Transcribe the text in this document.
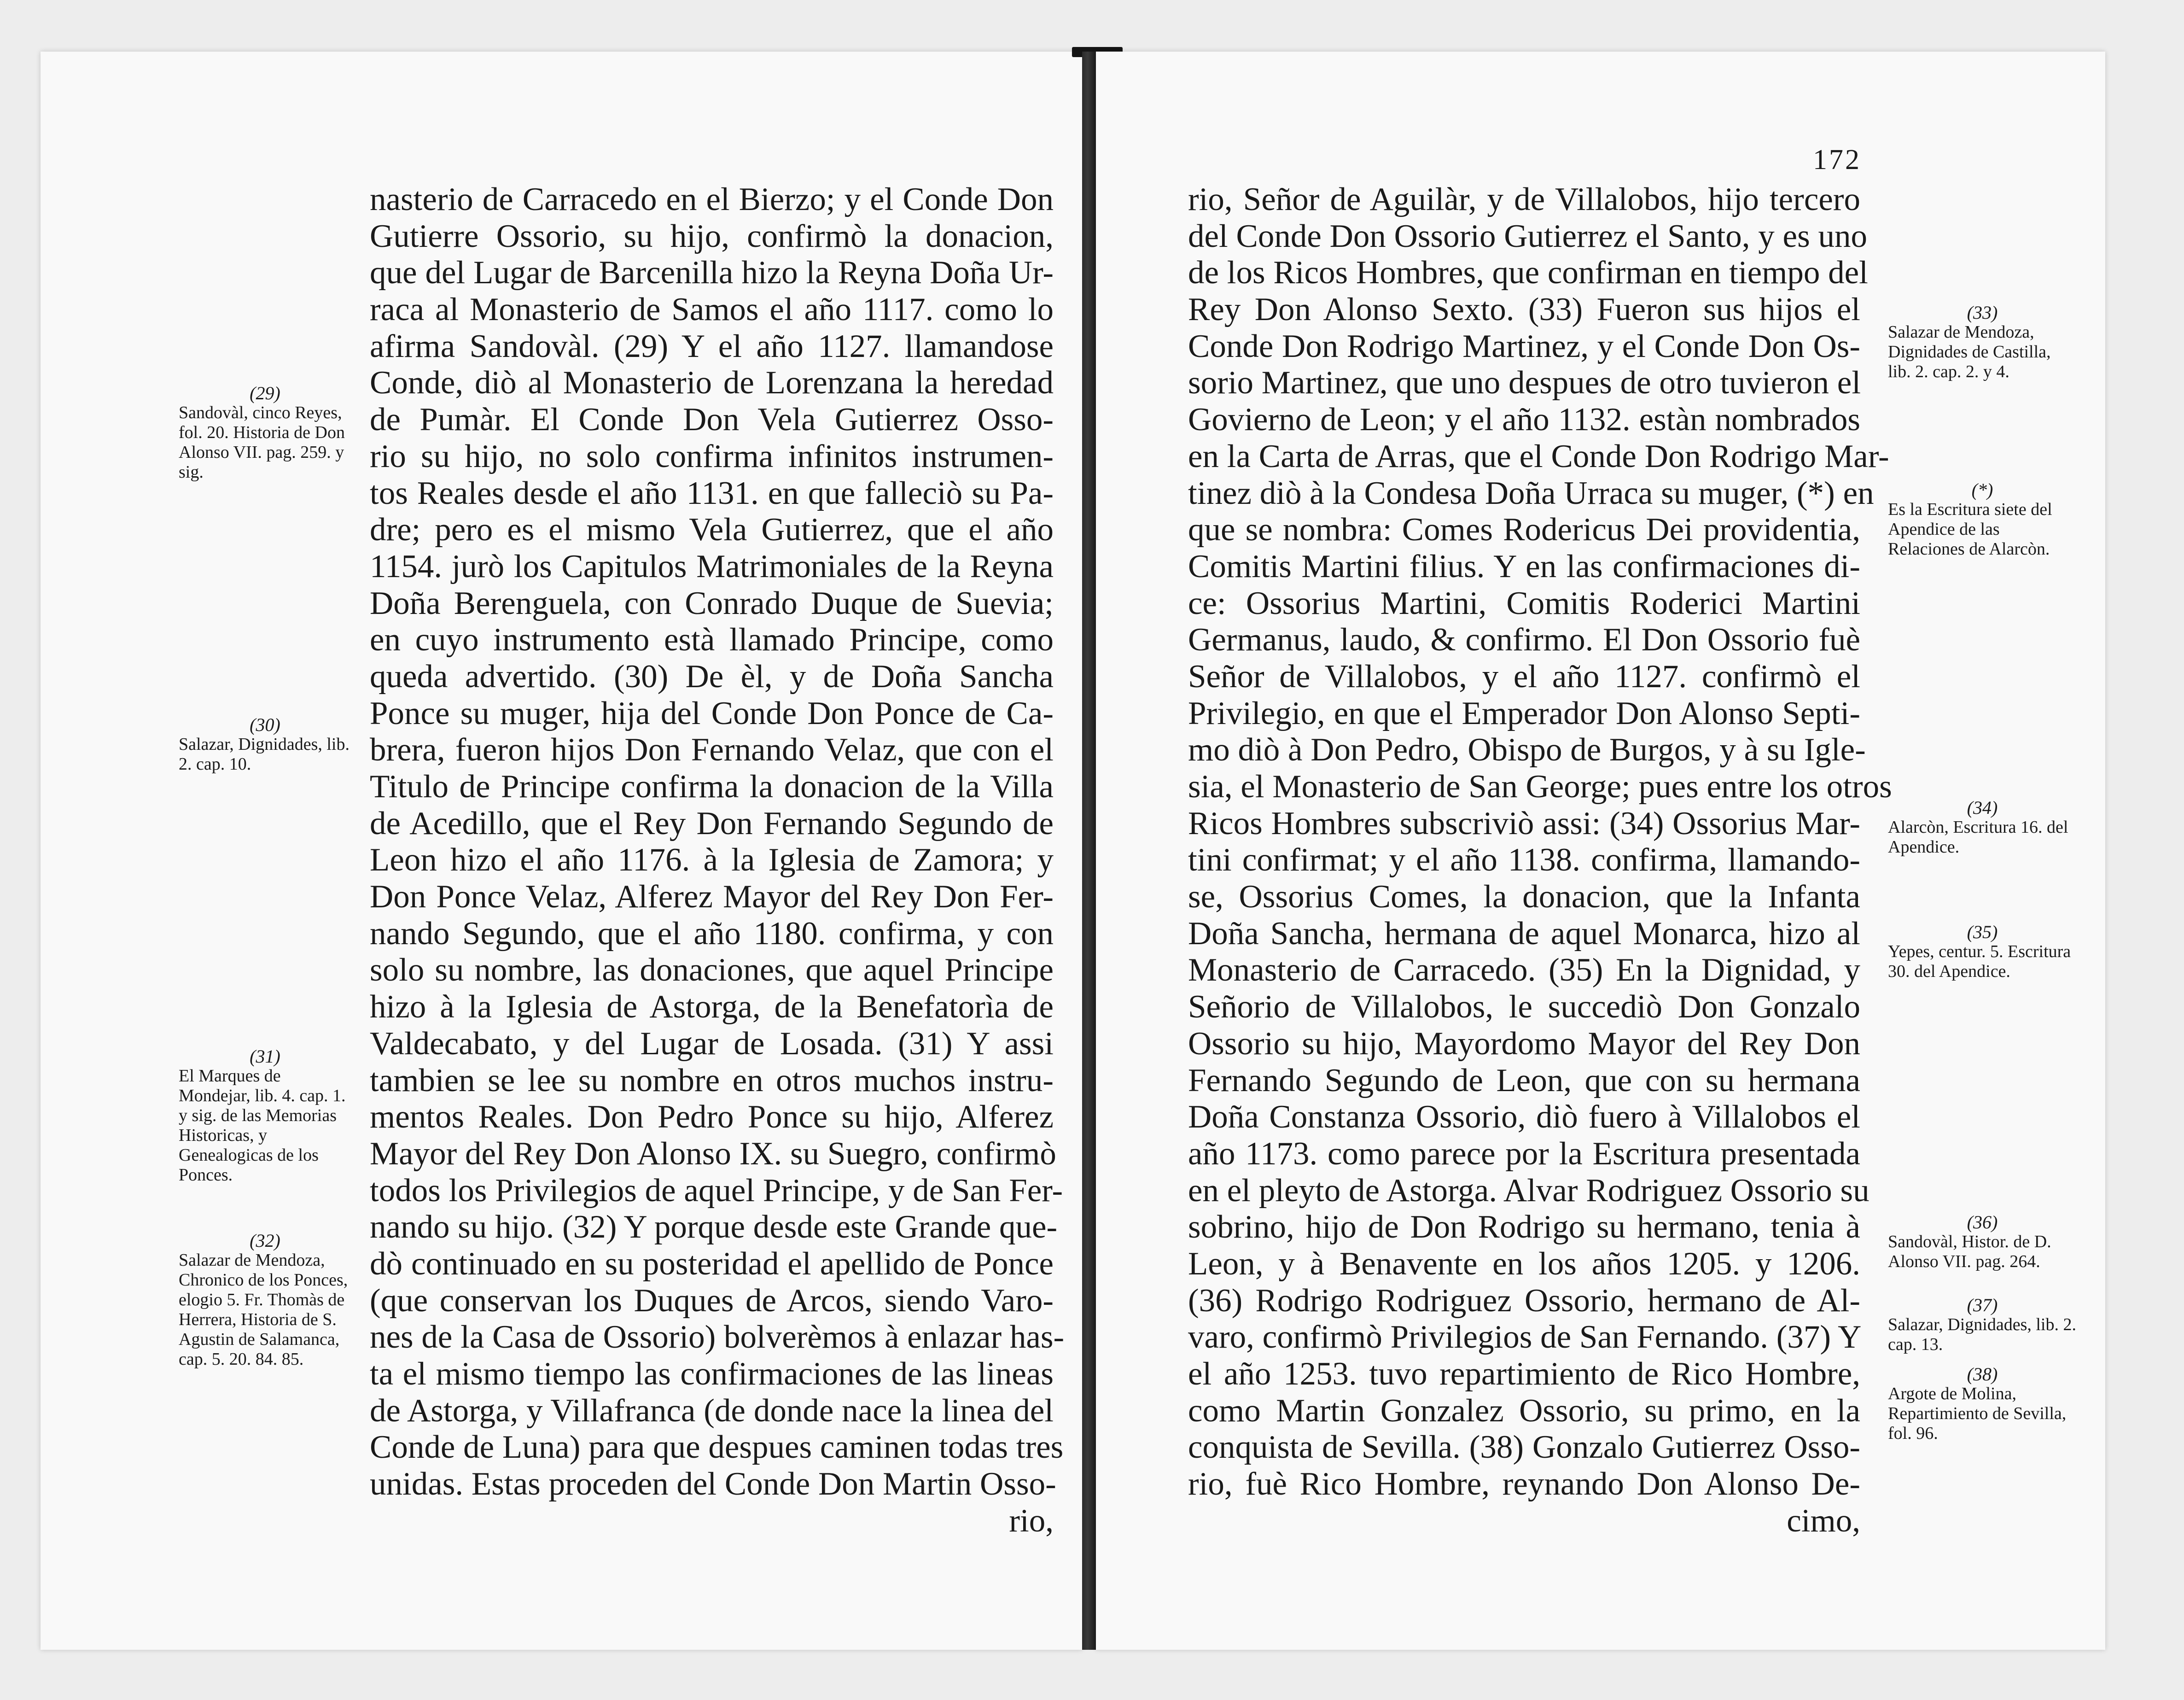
nasterio de Carracedo en el Bierzo; y el Conde Don
Gutierre Ossorio, su hijo, confirmò la donacion,
que del Lugar de Barcenilla hizo la Reyna Doña Ur-
raca al Monasterio de Samos el año 1117. como lo
afirma Sandovàl. (29) Y el año 1127. llamandose
Conde, diò al Monasterio de Lorenzana la heredad
de Pumàr. El Conde Don Vela Gutierrez Osso-
rio su hijo, no solo confirma infinitos instrumen-
tos Reales desde el año 1131. en que falleciò su Pa-
dre; pero es el mismo Vela Gutierrez, que el año
1154. jurò los Capitulos Matrimoniales de la Reyna
Doña Berenguela, con Conrado Duque de Suevia;
en cuyo instrumento està llamado Principe, como
queda advertido. (30) De èl, y de Doña Sancha
Ponce su muger, hija del Conde Don Ponce de Ca-
brera, fueron hijos Don Fernando Velaz, que con el
Titulo de Principe confirma la donacion de la Villa
de Acedillo, que el Rey Don Fernando Segundo de
Leon hizo el año 1176. à la Iglesia de Zamora; y
Don Ponce Velaz, Alferez Mayor del Rey Don Fer-
nando Segundo, que el año 1180. confirma, y con
solo su nombre, las donaciones, que aquel Principe
hizo à la Iglesia de Astorga, de la Benefatorìa de
Valdecabato, y del Lugar de Losada. (31) Y assi
tambien se lee su nombre en otros muchos instru-
mentos Reales. Don Pedro Ponce su hijo, Alferez
Mayor del Rey Don Alonso IX. su Suegro, confirmò
todos los Privilegios de aquel Principe, y de San Fer-
nando su hijo. (32) Y porque desde este Grande que-
dò continuado en su posteridad el apellido de Ponce
(que conservan los Duques de Arcos, siendo Varo-
nes de la Casa de Ossorio) bolverèmos à enlazar has-
ta el mismo tiempo las confirmaciones de las lineas
de Astorga, y Villafranca (de donde nace la linea del
Conde de Luna) para que despues caminen todas tres
unidas. Estas proceden del Conde Don Martin Osso-
rio,
(29)
Sandovàl, cinco Reyes, fol. 20. Historia de Don Alonso VII. pag. 259. y sig.
(30)
Salazar, Dignidades, lib. 2. cap. 10.
(31)
El Marques de Mondejar, lib. 4. cap. 1. y sig. de las Memorias Historicas, y Genealogicas de los Ponces.
(32)
Salazar de Mendoza, Chronico de los Ponces, elogio 5. Fr. Thomàs de Herrera, Historia de S. Agustin de Salamanca, cap. 5. 20. 84. 85.
172
rio, Señor de Aguilàr, y de Villalobos, hijo tercero
del Conde Don Ossorio Gutierrez el Santo, y es uno
de los Ricos Hombres, que confirman en tiempo del
Rey Don Alonso Sexto. (33) Fueron sus hijos el
Conde Don Rodrigo Martinez, y el Conde Don Os-
sorio Martinez, que uno despues de otro tuvieron el
Govierno de Leon; y el año 1132. estàn nombrados
en la Carta de Arras, que el Conde Don Rodrigo Mar-
tinez diò à la Condesa Doña Urraca su muger, (*) en
que se nombra: Comes Rodericus Dei providentia,
Comitis Martini filius. Y en las confirmaciones di-
ce: Ossorius Martini, Comitis Roderici Martini
Germanus, laudo, & confirmo. El Don Ossorio fuè
Señor de Villalobos, y el año 1127. confirmò el
Privilegio, en que el Emperador Don Alonso Septi-
mo diò à Don Pedro, Obispo de Burgos, y à su Igle-
sia, el Monasterio de San George; pues entre los otros
Ricos Hombres subscriviò assi: (34) Ossorius Mar-
tini confirmat; y el año 1138. confirma, llamando-
se, Ossorius Comes, la donacion, que la Infanta
Doña Sancha, hermana de aquel Monarca, hizo al
Monasterio de Carracedo. (35) En la Dignidad, y
Señorio de Villalobos, le succediò Don Gonzalo
Ossorio su hijo, Mayordomo Mayor del Rey Don
Fernando Segundo de Leon, que con su hermana
Doña Constanza Ossorio, diò fuero à Villalobos el
año 1173. como parece por la Escritura presentada
en el pleyto de Astorga. Alvar Rodriguez Ossorio su
sobrino, hijo de Don Rodrigo su hermano, tenia à
Leon, y à Benavente en los años 1205. y 1206.
(36) Rodrigo Rodriguez Ossorio, hermano de Al-
varo, confirmò Privilegios de San Fernando. (37) Y
el año 1253. tuvo repartimiento de Rico Hombre,
como Martin Gonzalez Ossorio, su primo, en la
conquista de Sevilla. (38) Gonzalo Gutierrez Osso-
rio, fuè Rico Hombre, reynando Don Alonso De-
cimo,
(33)
Salazar de Mendoza, Dignidades de Castilla, lib. 2. cap. 2. y 4.
(*)
Es la Escritura siete del Apendice de las Relaciones de Alarcòn.
(34)
Alarcòn, Escritura 16. del Apendice.
(35)
Yepes, centur. 5. Escritura 30. del Apendice.
(36)
Sandovàl, Histor. de D. Alonso VII. pag. 264.
(37)
Salazar, Dignidades, lib. 2. cap. 13.
(38)
Argote de Molina, Repartimiento de Sevilla, fol. 96.
